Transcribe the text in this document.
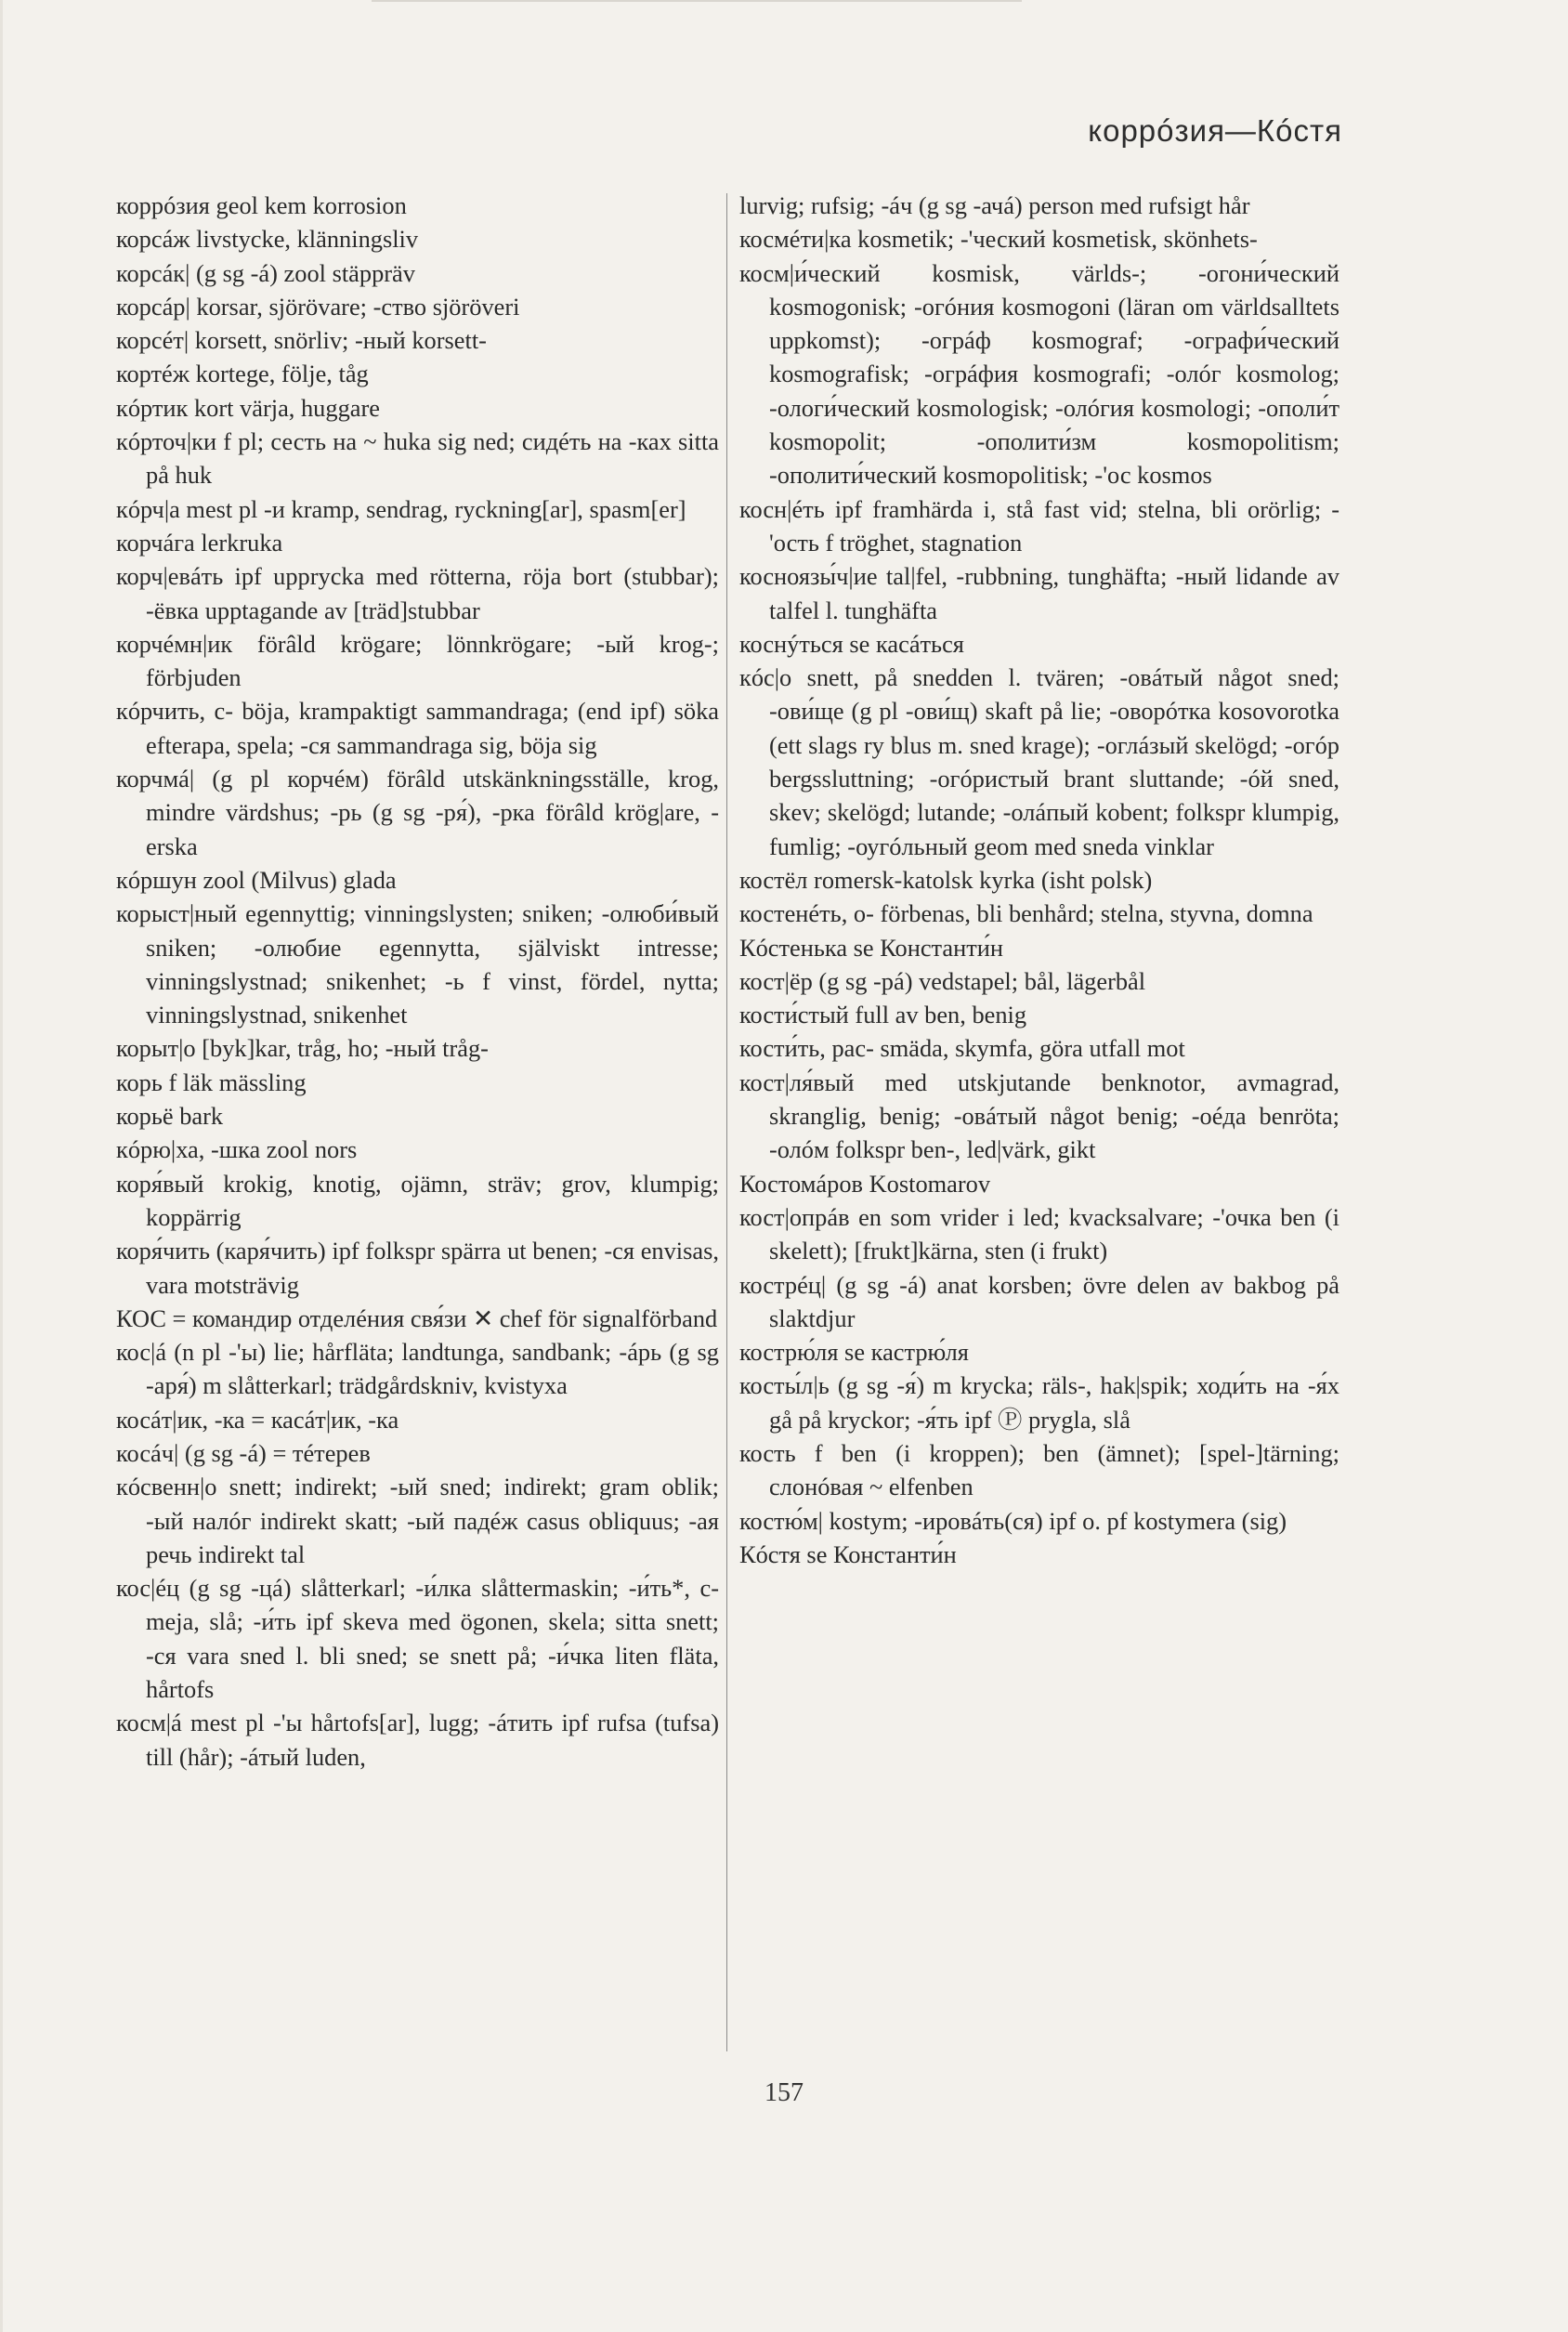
коррóзия—Кóстя

коррóзия geol kem korrosion

корсáж livstycke, klänningsliv

корсáк| (g sg -á) zool stäppräv

корсáр| korsar, sjörövare; -ство sjöröveri

корсéт| korsett, snörliv; -ный korsett-

кортéж kortege, följe, tåg

кóртик kort värja, huggare

кóрточ|ки f pl; сесть на ~ huka sig ned; сидéть на -ках sitta på huk

кóрч|а mest pl -и kramp, sendrag, ryckning[ar], spasm[er]

корчáга lerkruka

корч|евáть ipf upprycka med rötterna, röja bort (stubbar); -ёвка upptagande av [träd]stubbar

корчéмн|ик förâld krögare; lönnkrögare; -ый krog-; förbjuden

кóрчить, с- böja, krampaktigt sammandraga; (end ipf) söka efterapa, spela; -ся sammandraga sig, böja sig

корчмá| (g pl корчéм) förâld utskänkningsställe, krog, mindre värdshus; -рь (g sg -ря́), -рка förâld krög|are, -erska

кóршун zool (Milvus) glada

корыст|ный egennyttig; vinningslysten; sniken; -олюби́вый sniken; -олюбие egennytta, själviskt intresse; vinningslystnad; snikenhet; -ь f vinst, fördel, nytta; vinningslystnad, snikenhet

корыт|о [byk]kar, tråg, ho; -ный tråg-

корь f läk mässling

корьё bark

кóрю|ха, -шка zool nors

коря́вый krokig, knotig, ojämn, sträv; grov, klumpig; koppärrig

коря́чить (каря́чить) ipf folkspr spärra ut benen; -ся envisas, vara motsträvig

КОС = командир отделéния свя́зи ✕ chef för signalförband

кос|á (n pl -'ы) lie; hårfläta; landtunga, sandbank; -áрь (g sg -аря́) m slåtterkarl; trädgårdskniv, kvistyxa

косáт|ик, -ка = касáт|ик, -ка

косáч| (g sg -á) = тéтерев

кóсвенн|о snett; indirekt; -ый sned; indirekt; gram oblik; -ый налóг indirekt skatt; -ый падéж casus obliquus; -ая речь indirekt tal

кос|éц (g sg -цá) slåtterkarl; -и́лка slåttermaskin; -и́ть*, с- meja, slå; -и́ть ipf skeva med ögonen, skela; sitta snett; -ся vara sned l. bli sned; se snett på; -и́чка liten fläta, hårtofs

косм|á mest pl -'ы hårtofs[ar], lugg; -áтить ipf rufsa (tufsa) till (hår); -áтый luden,

lurvig; rufsig; -áч (g sg -ачá) person med rufsigt hår

космéти|ка kosmetik; -'ческий kosmetisk, skönhets-

косм|и́ческий kosmisk, världs-; -огони́ческий kosmogonisk; -огóния kosmogoni (läran om världsalltets uppkomst); -огрáф kosmograf; -ографи́ческий kosmografisk; -огрáфия kosmografi; -олóг kosmolog; -ологи́ческий kosmologisk; -олóгия kosmologi; -ополи́т kosmopolit; -ополити́зм kosmopolitism; -ополити́ческий kosmopolitisk; -'ос kosmos

косн|éть ipf framhärda i, stå fast vid; stelna, bli orörlig; -'ость f tröghet, stagnation

косноязы́ч|ие tal|fel, -rubbning, tunghäfta; -ный lidande av talfel l. tunghäfta

коснýться se касáться

кóс|о snett, på snedden l. tvären; -овáтый något sned; -ови́ще (g pl -ови́щ) skaft på lie; -оворóтка kosovorotka (ett slags ry blus m. sned krage); -оглáзый skelögd; -огóр bergssluttning; -огóристый brant sluttande; -óй sned, skev; skelögd; lutande; -олáпый kobent; folkspr klumpig, fumlig; -оугóльный geom med sneda vinklar

костёл romersk-katolsk kyrka (isht polsk)

костенéть, о- förbenas, bli benhård; stelna, styvna, domna

Кóстенька se Константи́н

кост|ёр (g sg -рá) vedstapel; bål, lägerbål

кости́стый full av ben, benig

кости́ть, рас- smäda, skymfa, göra utfall mot

кост|ля́вый med utskjutande benknotor, avmagrad, skranglig, benig; -овáтый något benig; -оéда benröta; -олóм folkspr ben-, led|värk, gikt

Костомáров Kostomarov

кост|опрáв en som vrider i led; kvacksalvare; -'очка ben (i skelett); [frukt]kärna, sten (i frukt)

кострéц| (g sg -á) anat korsben; övre delen av bakbog på slaktdjur

кострю́ля se кастрю́ля

косты́л|ь (g sg -я́) m krycka; räls-, hak|spik; ходи́ть на -я́х gå på kryckor; -я́ть ipf Ⓟ prygla, slå

кость f ben (i kroppen); ben (ämnet); [spel-]tärning; слонóвая ~ elfenben

костю́м| kostym; -ировáть(ся) ipf o. pf kostymera (sig)

Кóстя se Константи́н

157
